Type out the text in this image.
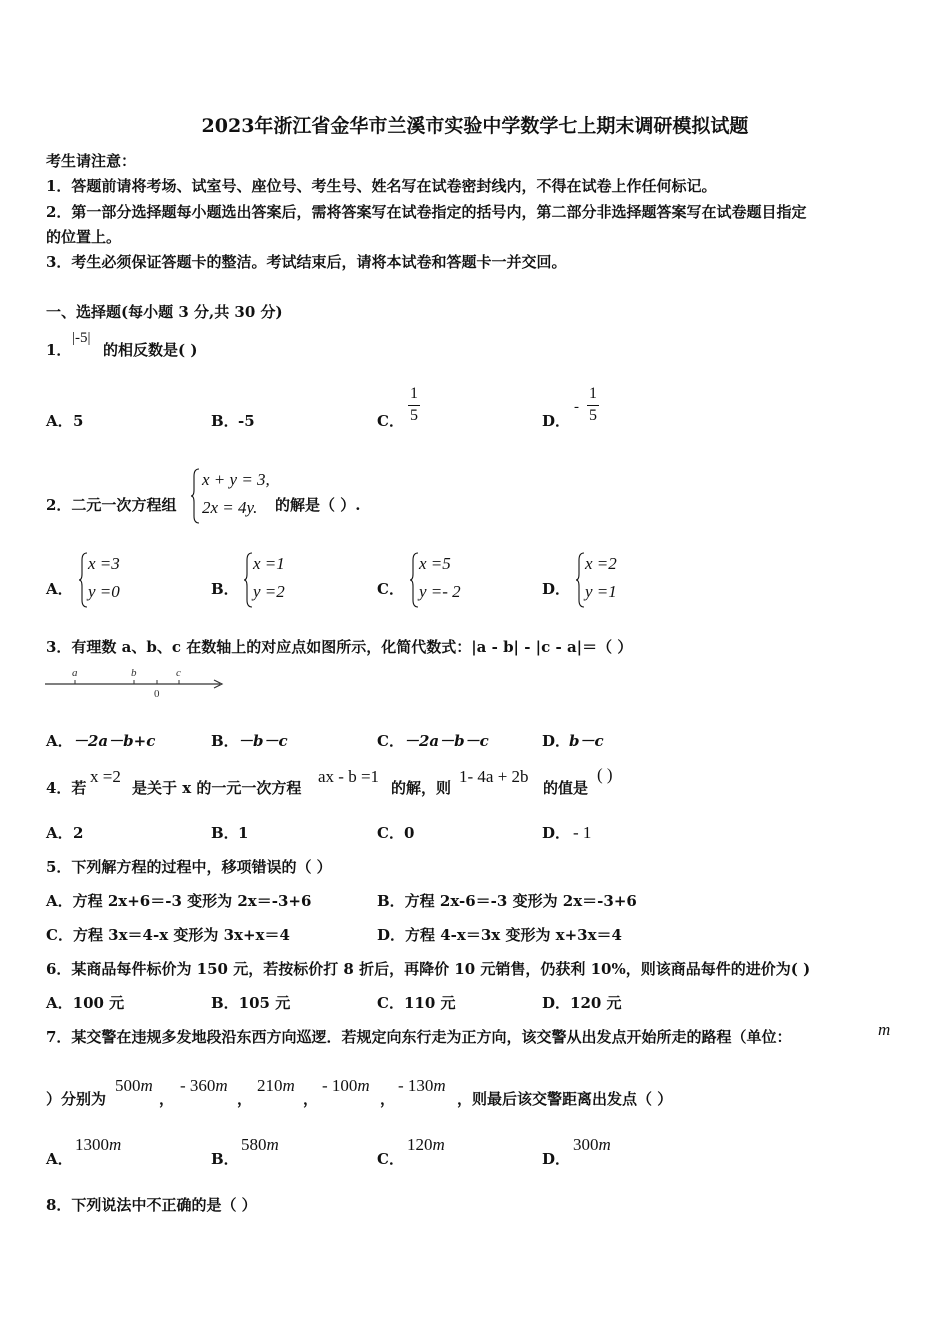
2023年浙江省金华市兰溪市实验中学数学七上期末调研模拟试题
考生请注意：
1．答题前请将考场、试室号、座位号、考生号、姓名写在试卷密封线内，不得在试卷上作任何标记。
2．第一部分选择题每小题选出答案后，需将答案写在试卷指定的括号内，第二部分非选择题答案写在试卷题目指定
的位置上。
3．考生必须保证答题卡的整洁。考试结束后，请将本试卷和答题卡一并交回。
一、选择题(每小题 3 分,共 30 分)
1．
|-5|
的相反数是( )
A． 5	B． -5	C．
1
5	D．
-
1
5
2．二元一次方程组
x + y = 3,
2x = 4y.	的解是（ ）.
A．
x =3
y =0	B．
x =1
y =2	C．
x =5
y =- 2	D．
x =2
y =1
3．有理数 a、b、c 在数轴上的对应点如图所示，化简代数式：|a - b| - |c - a|＝（ ）
a	b
0
c
A． －2a－b+c	B． －b－c	C． －2a－b－c	D．
b－c
4．若
x =2
是关于 x 的一元一次方程
ax - b =1
的解，则
1- 4a + 2b
的值是
( )
A． 2	B． 1	C． 0	D． - 1
5．下列解方程的过程中，移项错误的（ ）
A．方程 2x+6＝-3 变形为 2x＝-3+6	B．方程 2x-6＝-3 变形为 2x＝-3+6
C．方程 3x＝4-x 变形为 3x+x＝4	D．方程 4-x＝3x 变形为 x+3x＝4
6．某商品每件标价为 150 元，若按标价打 8 折后，再降价 10 元销售，仍获利 10%，则该商品每件的进价为( )
A．100 元	B．105 元	C．110 元	D．120 元
7．某交警在违规多发地段沿东西方向巡逻．若规定向东行走为正方向，该交警从出发点开始所走的路程（单位：	m
）分别为
500m
，
- 360m
，
210m
，
- 100m
，
- 130m
，则最后该交警距离出发点（ ）
A．
1300m
B．
580m
C．
120m
D．
300m
8．下列说法中不正确的是（ ）
